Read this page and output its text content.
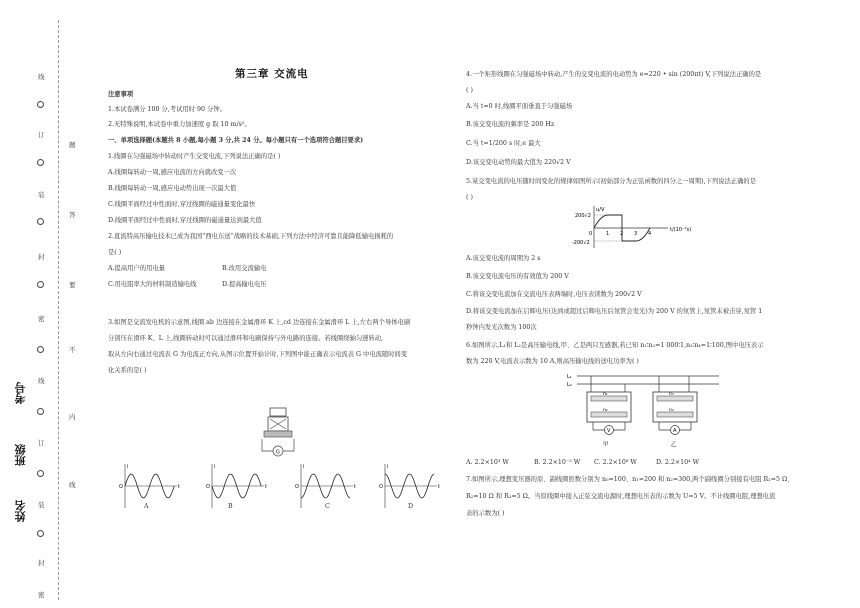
线
订
装
封
密
线
订
装
封
密
题
答
要
不
内
线
考号
班级
姓名
第三章 交流电
注意事项
1.本试卷满分 100 分,考试用时 90 分钟。
2.无特殊说明,本试卷中重力加速度 g 取 10 m/s²。
一、单项选择题(本题共 8 小题,每小题 3 分,共 24 分。每小题只有一个选项符合题目要求)
1.线圈在匀强磁场中转动时产生交变电流,下列说法正确的是( )
A.线圈每转动一周,感应电流的方向就改变一次
B.线圈每转动一周,感应电动势出现一次最大值
C.线圈平面经过中性面时,穿过线圈的磁通量变化最快
D.线圈平面经过中性面时,穿过线圈的磁通量达到最大值
2.直流特高压输电技术已成为我国“西电东送”战略的技术基础,下列方法中经济可靠且能降低输电损耗的
是( )
A.提高用户的用电量	B.改用交流输电
C.用电阻率大的材料制造输电线	D.提高输电电压
3.如图是交流发电机的示意图,线圈 ab 边连接在金属滑环 K 上,cd 边连接在金属滑环 L 上,左右两个导体电刷
分别压在滑环 K、L 上,线圈转动时可以通过滑环和电刷保持与外电路的连接。若线圈绕轴匀速转动,
取从左向右通过电流表 G 为电流正方向,从图示位置开始计时,下列图中能正确表示电流表 G 中电流随时间变
化关系的是( )
G
i
O	t
i
O	t
i
O	t
i
O	t
A	B	C	D
4.一个矩形线圈在匀强磁场中转动,产生的交变电流的电动势为 e=220 • sin (200πt) V,下列说法正确的是
( )
A.当 t=0 时,线圈平面垂直于匀强磁场
B.该交变电流的频率是 200 Hz
C.当 t=1/200 s 时,e 最大
D.该交变电动势的最大值为 220√2 V
5.某交变电流的电压随时间变化的规律如图所示(初始部分为正弦函数的四分之一周期),下列说法正确的是
( )
u/V
200√2
-200√2
0	1 2 3 4
t/(10⁻²s)
A.该交变电流的周期为 2 s
B.该交变电流电压的有效值为 200 V
C.将该交变电流加在交流电压表两端时,电压表读数为 200√2 V
D.将该交变电流加在启辉电压(达到或超过启辉电压后氖管会发光)为 200 V 的氖管上,氖管未被击穿,氖管 1
秒钟内发光次数为 100次
6.如图所示,L₁和 L₂是高压输电线,甲、乙是两只互感器,若已知 n₁∶n₂=1 000∶1,n₃∶n₄=1∶100,图中电压表示
数为 220 V,电流表示数为 10 A,则高压输电线的送电功率为( )
L₁
L₂
n₁
n₂
V
甲
n₃
n₄
A
乙
A. 2.2×10³ W	B. 2.2×10⁻² W C. 2.2×10⁸ W	D. 2.2×10⁴ W
7.如图所示,理想变压器的原、副线圈匝数分别为 n₀=100、n₁=200 和 n₂=300,两个副线圈分别接有电阻 R₁=5 Ω、
R₂=10 Ω 和 R₃=5 Ω。当原线圈中接入正弦交流电源时,理想电压表的示数为 U=5 V。不计线圈电阻,理想电流
表的示数为( )
